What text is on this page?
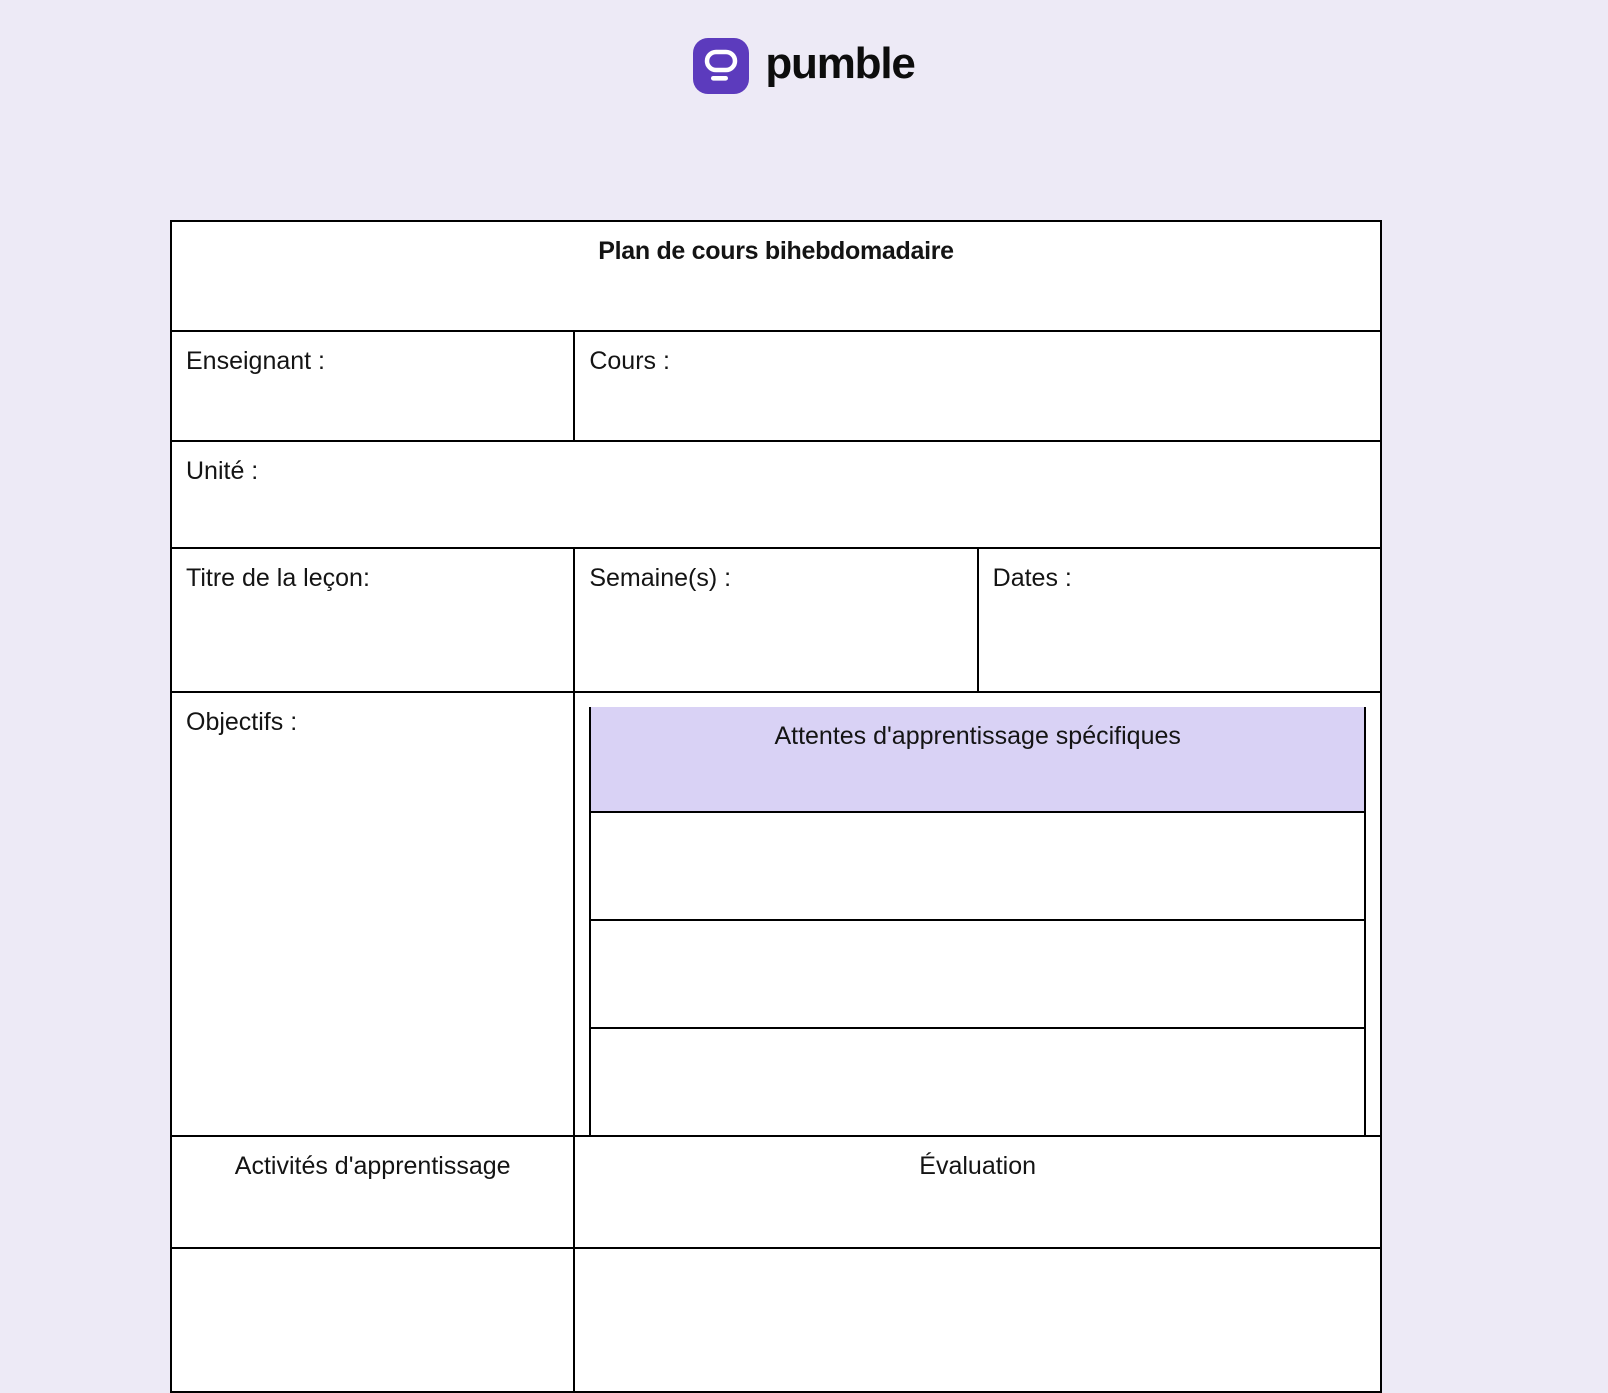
pumble
Plan de cours bihebdomadaire
Enseignant :	Cours :
Unité :
Titre de la leçon:	Semaine(s) :	Dates :
Objectifs :		Attentes d'apprentissage spécifiques

Activités d'apprentissage	Évaluation
